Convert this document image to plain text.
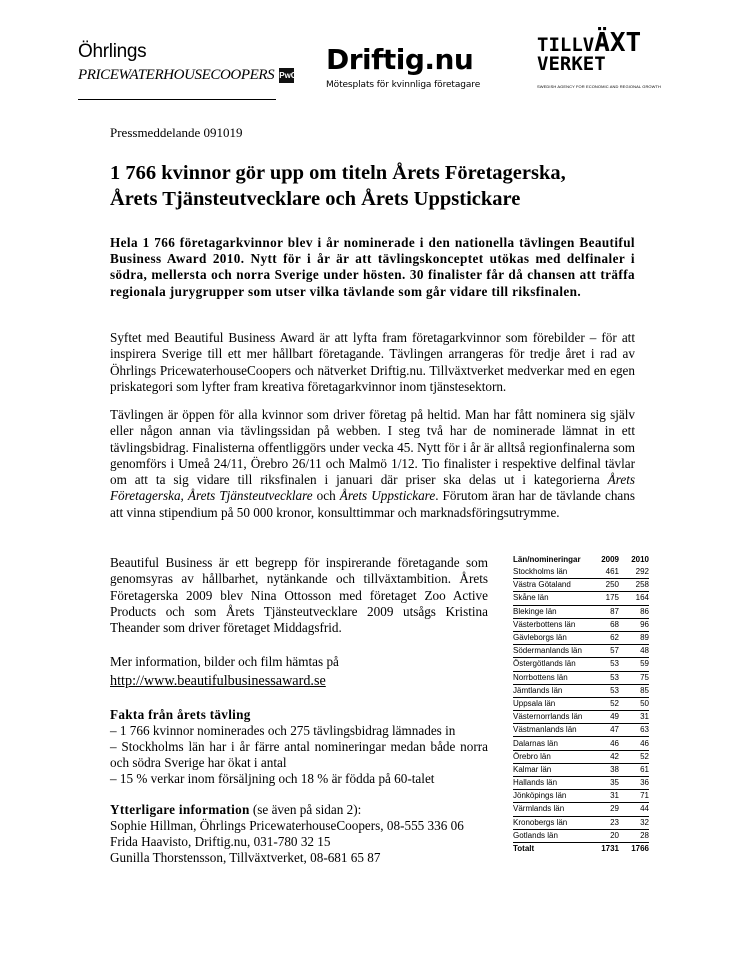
Öhrlings
PRICEWATERHOUSECOOPERS PwC Driftig.nu
Mötesplats för kvinnliga företagare
TILLVÄXT
VERKET
SWEDISH AGENCY FOR ECONOMIC AND REGIONAL GROWTH
Pressmeddelande 091019
1 766 kvinnor gör upp om titeln Årets Företagerska,
Årets Tjänsteutvecklare och Årets Uppstickare

Hela 1 766 företagarkvinnor blev i år nominerade i den nationella tävlingen Beautiful Business Award 2010. Nytt för i år är att tävlingskonceptet utökas med delfinaler i södra, mellersta och norra Sverige under hösten. 30 finalister får då chansen att träffa regionala jurygrupper som utser vilka tävlande som går vidare till riksfinalen.

Syftet med Beautiful Business Award är att lyfta fram företagarkvinnor som förebilder – för att inspirera Sverige till ett mer hållbart företagande. Tävlingen arrangeras för tredje året i rad av Öhrlings PricewaterhouseCoopers och nätverket Driftig.nu. Tillväxtverket medverkar med en egen priskategori som lyfter fram kreativa företagarkvinnor inom tjänstesektorn.

Tävlingen är öppen för alla kvinnor som driver företag på heltid. Man har fått nominera sig själv eller någon annan via tävlingssidan på webben. I steg två har de nominerade lämnat in ett tävlingsbidrag. Finalisterna offentliggörs under vecka 45. Nytt för i år är alltså regionfinalerna som genomförs i Umeå 24/11, Örebro 26/11 och Malmö 1/12. Tio finalister i respektive delfinal tävlar om att ta sig vidare till riksfinalen i januari där priser ska delas ut i kategorierna Årets Företagerska, Årets Tjänsteutvecklare och Årets Uppstickare. Förutom äran har de tävlande chans att vinna stipendium på 50 000 kronor, konsulttimmar och marknadsföringsutrymme.

Beautiful Business är ett begrepp för inspirerande företagande som genomsyras av hållbarhet, nytänkande och tillväxtambition. Årets Företagerska 2009 blev Nina Ottosson med företaget Zoo Active Products och som Årets Tjänsteutvecklare 2009 utsågs Kristina Theander som driver företaget Middagsfrid.

Mer information, bilder och film hämtas på
http://www.beautifulbusinessaward.se
Fakta från årets tävling
– 1 766 kvinnor nominerades och 275 tävlingsbidrag lämnades in
– Stockholms län har i år färre antal nomineringar medan både norra och södra Sverige har ökat i antal
– 15 % verkar inom försäljning och 18 % är födda på 60-talet
Ytterligare information (se även på sidan 2):
Sophie Hillman, Öhrlings PricewaterhouseCoopers, 08-555 336 06
Frida Haavisto, Driftig.nu, 031-780 32 15
Gunilla Thorstensson, Tillväxtverket, 08-681 65 87
Län/nomineringar	2009	2010
Stockholms län	461	292
Västra Götaland	250	258
Skåne län	175	164
Blekinge län	87	86
Västerbottens län	68	96
Gävleborgs län	62	89
Södermanlands län	57	48
Östergötlands län	53	59
Norrbottens län	53	75
Jämtlands län	53	85
Uppsala län	52	50
Västernorrlands län	49	31
Västmanlands län	47	63
Dalarnas län	46	46
Örebro län	42	52
Kalmar län	38	61
Hallands län	35	36
Jönköpings län	31	71
Värmlands län	29	44
Kronobergs län	23	32
Gotlands län	20	28
Totalt	1731	1766
